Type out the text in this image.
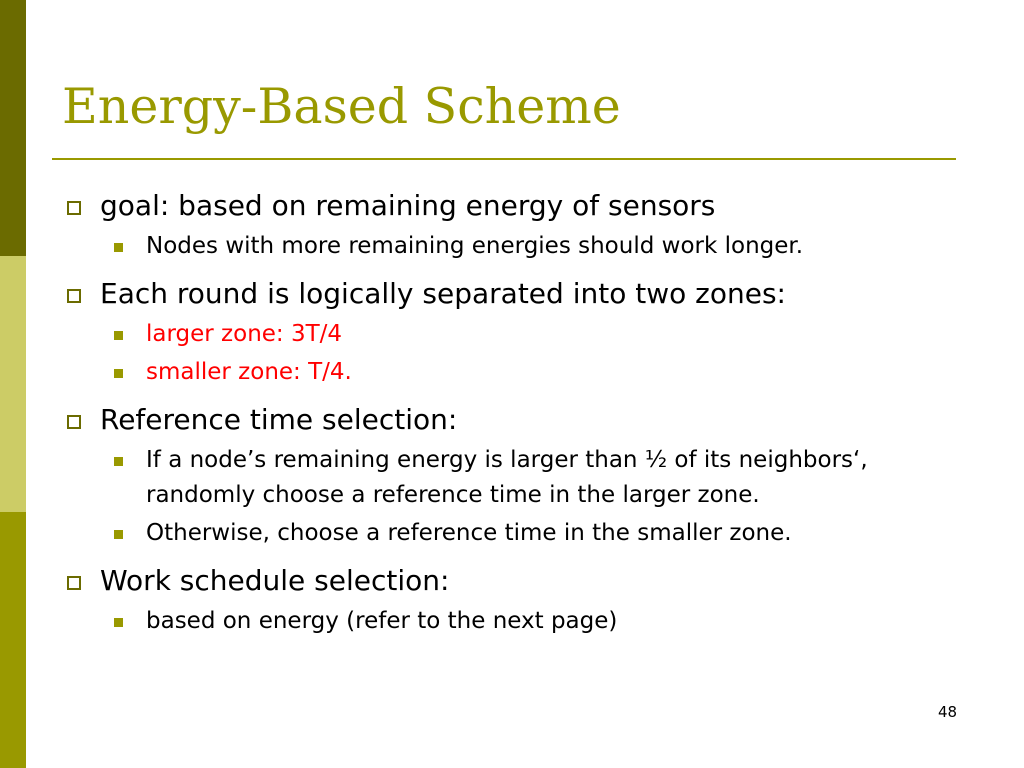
Energy-Based Scheme
goal: based on remaining energy of sensors
Nodes with more remaining energies should work longer.
Each round is logically separated into two zones:
larger zone: 3T/4
smaller zone: T/4.
Reference time selection:
If a node’s remaining energy is larger than ½ of its neighbors‘, randomly choose a reference time in the larger zone.
Otherwise, choose a reference time in the smaller zone.
Work schedule selection:
based on energy (refer to the next page)
48
